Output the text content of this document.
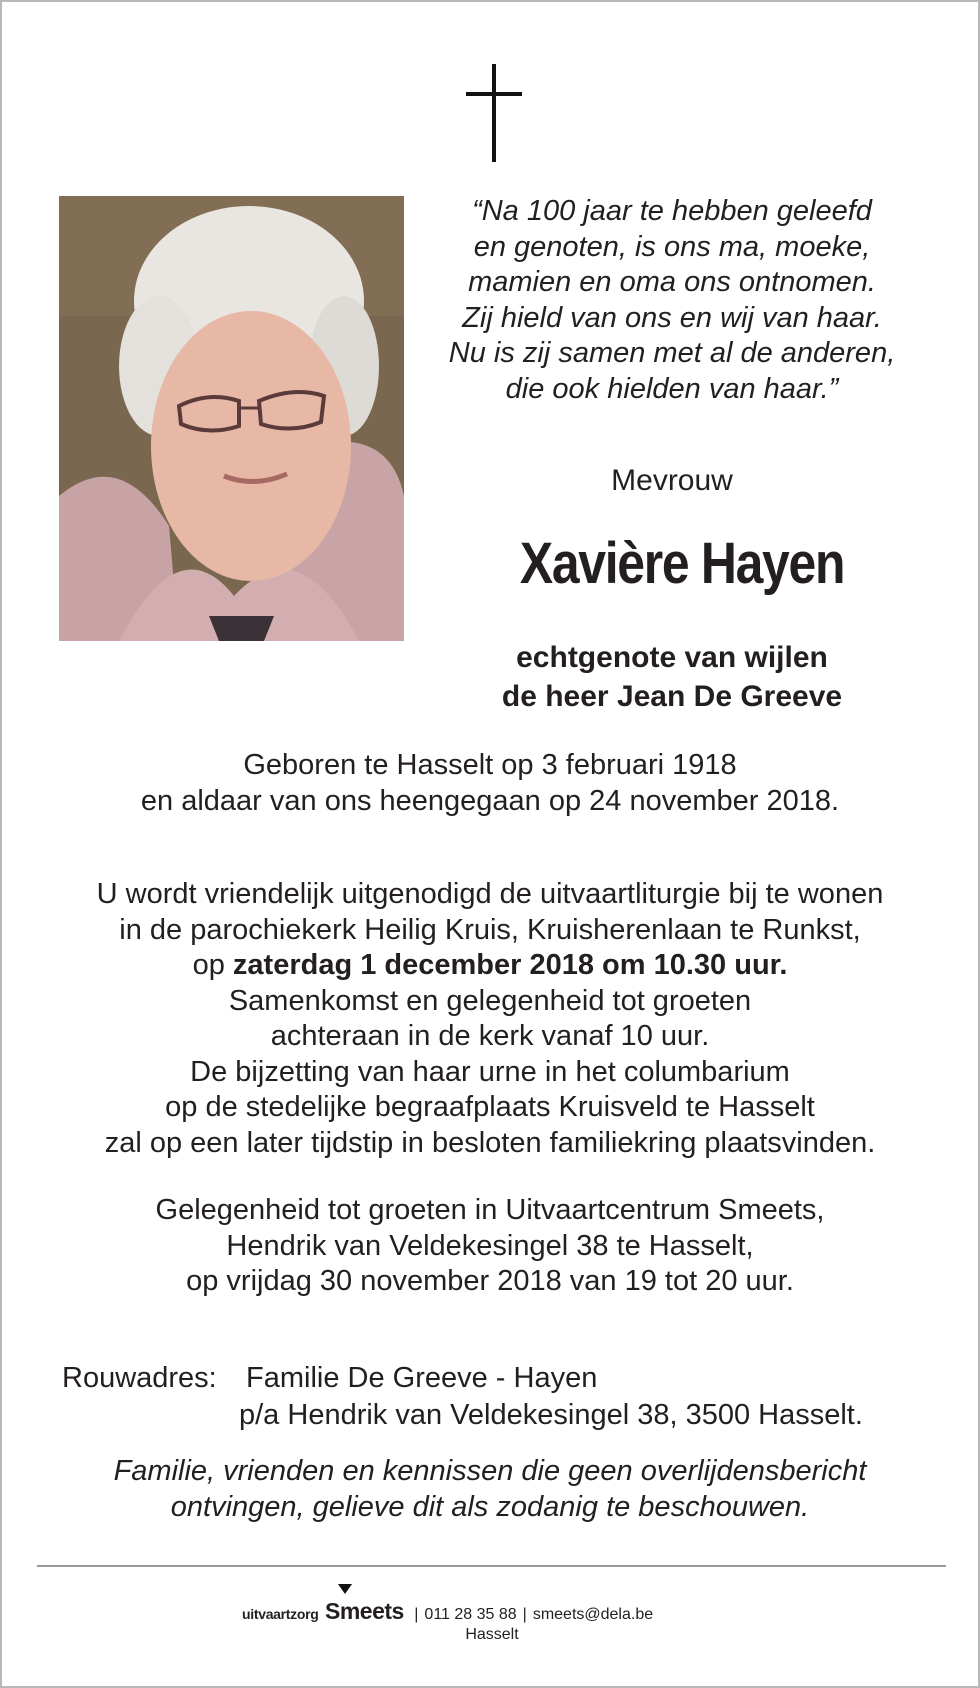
“Na 100 jaar te hebben geleefd
en genoten, is ons ma, moeke,
mamien en oma ons ontnomen.
Zij hield van ons en wij van haar.
Nu is zij samen met al de anderen,
die ook hielden van haar.”

Mevrouw
Xavière Hayen
echtgenote van wijlen
de heer Jean De Greeve
Geboren te Hasselt op 3 februari 1918
en aldaar van ons heengegaan op 24 november 2018.
U wordt vriendelijk uitgenodigd de uitvaartliturgie bij te wonen
in de parochiekerk Heilig Kruis, Kruisherenlaan te Runkst,
op zaterdag 1 december 2018 om 10.30 uur.
Samenkomst en gelegenheid tot groeten
achteraan in de kerk vanaf 10 uur.
De bijzetting van haar urne in het columbarium
op de stedelijke begraafplaats Kruisveld te Hasselt
zal op een later tijdstip in besloten familiekring plaatsvinden.
Gelegenheid tot groeten in Uitvaartcentrum Smeets,
Hendrik van Veldekesingel 38 te Hasselt,
op vrijdag 30 november 2018 van 19 tot 20 uur.
Rouwadres: Familie De Greeve - Hayen
p/a Hendrik van Veldekesingel 38, 3500 Hasselt.
Familie, vrienden en kennissen die geen overlijdensbericht
ontvingen, gelieve dit als zodanig te beschouwen.
uitvaartzorg Smeets | 011 28 35 88 | smeets@dela.be
Hasselt
